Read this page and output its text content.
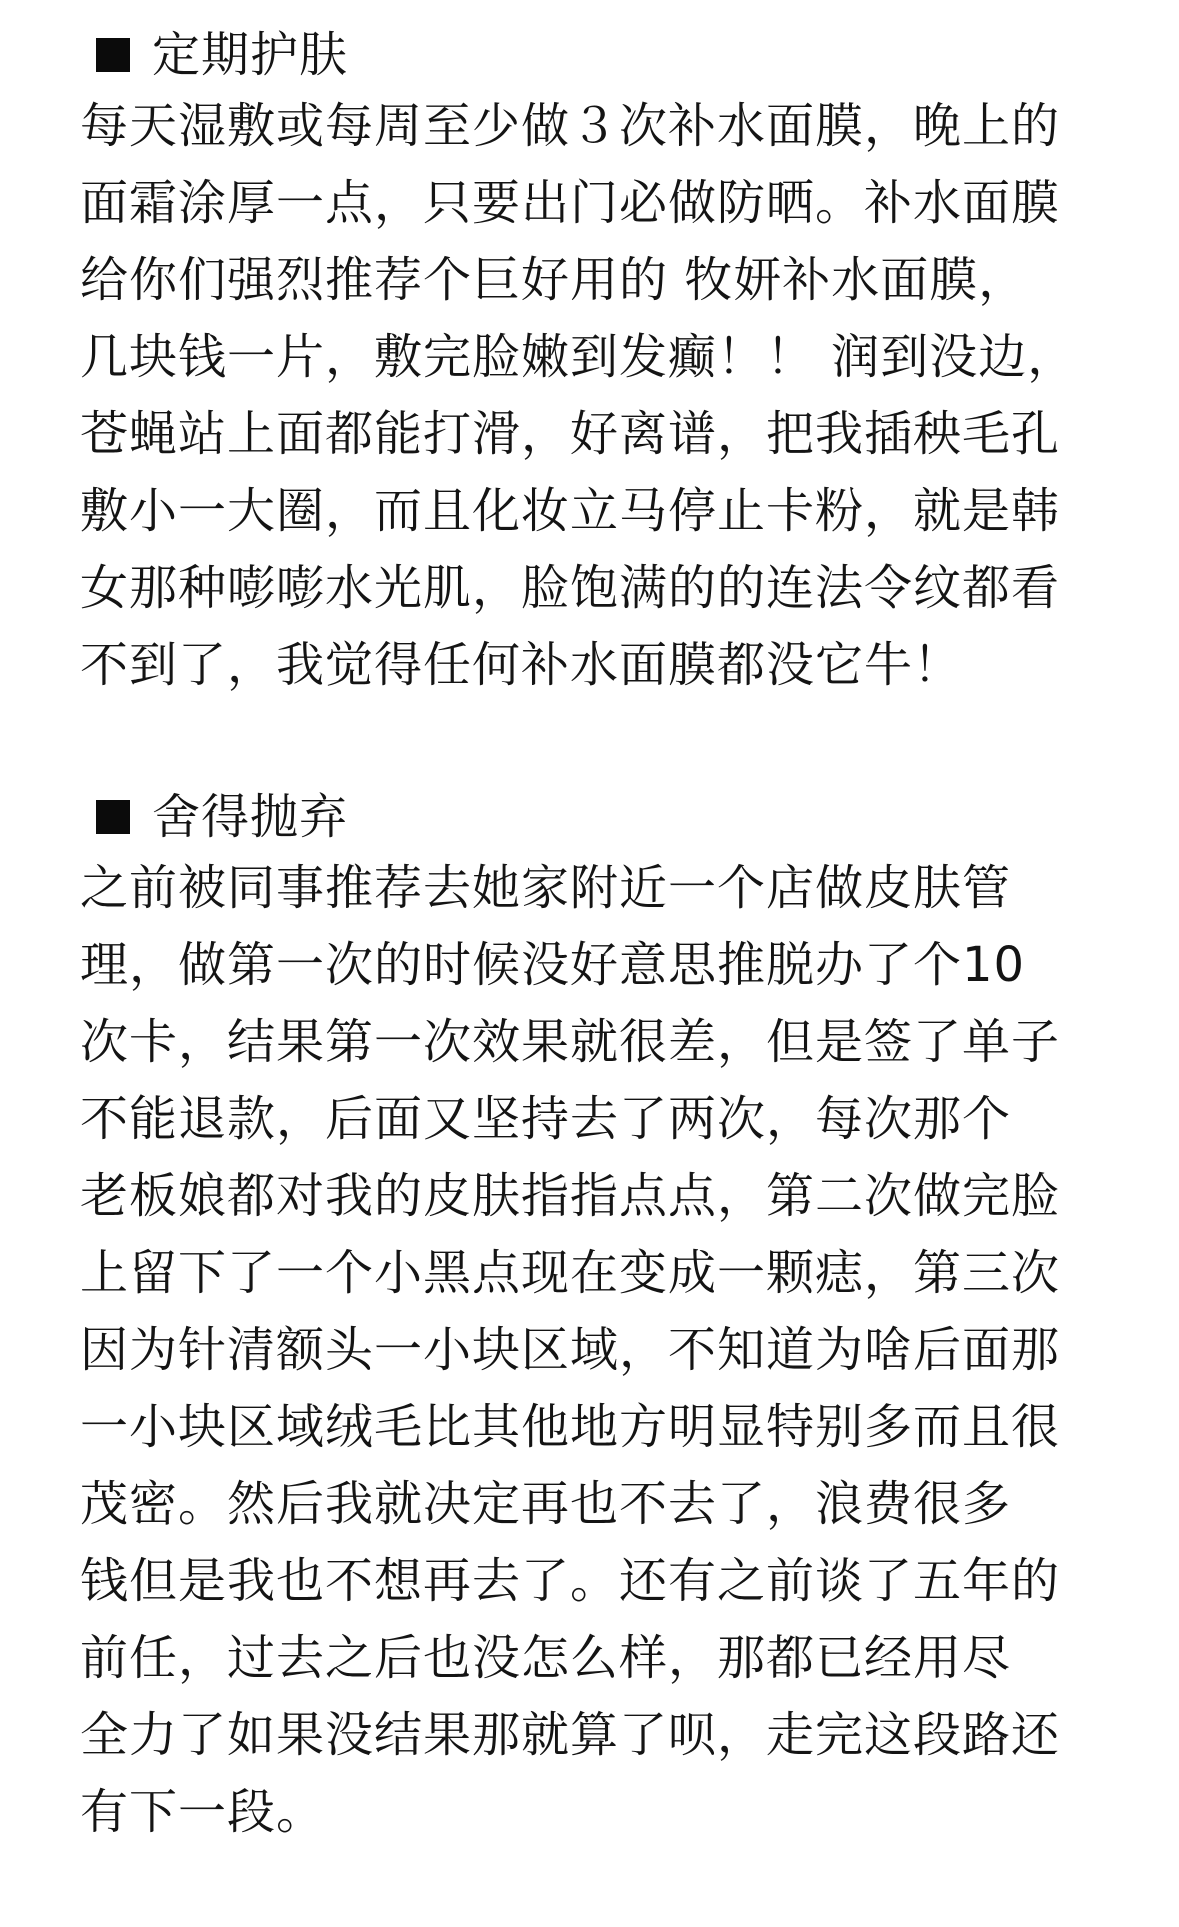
定期护肤

每天湿敷或每周至少做３次补水面膜，晚上的
面霜涂厚一点，只要出门必做防晒。补水面膜
给你们强烈推荐个巨好用的 牧妍补水面膜，
几块钱一片，敷完脸嫩到发癫！！ 润到没边，
苍蝇站上面都能打滑，好离谱，把我插秧毛孔
敷小一大圈，而且化妆立马停止卡粉，就是韩
女那种嘭嘭水光肌，脸饱满的的连法令纹都看
不到了，我觉得任何补水面膜都没它牛！

舍得抛弃

之前被同事推荐去她家附近一个店做皮肤管
理，做第一次的时候没好意思推脱办了个10
次卡，结果第一次效果就很差，但是签了单子
不能退款，后面又坚持去了两次，每次那个
老板娘都对我的皮肤指指点点，第二次做完脸
上留下了一个小黑点现在变成一颗痣，第三次
因为针清额头一小块区域，不知道为啥后面那
一小块区域绒毛比其他地方明显特别多而且很
茂密。然后我就决定再也不去了，浪费很多
钱但是我也不想再去了。还有之前谈了五年的
前任，过去之后也没怎么样，那都已经用尽
全力了如果没结果那就算了呗，走完这段路还
有下一段。
